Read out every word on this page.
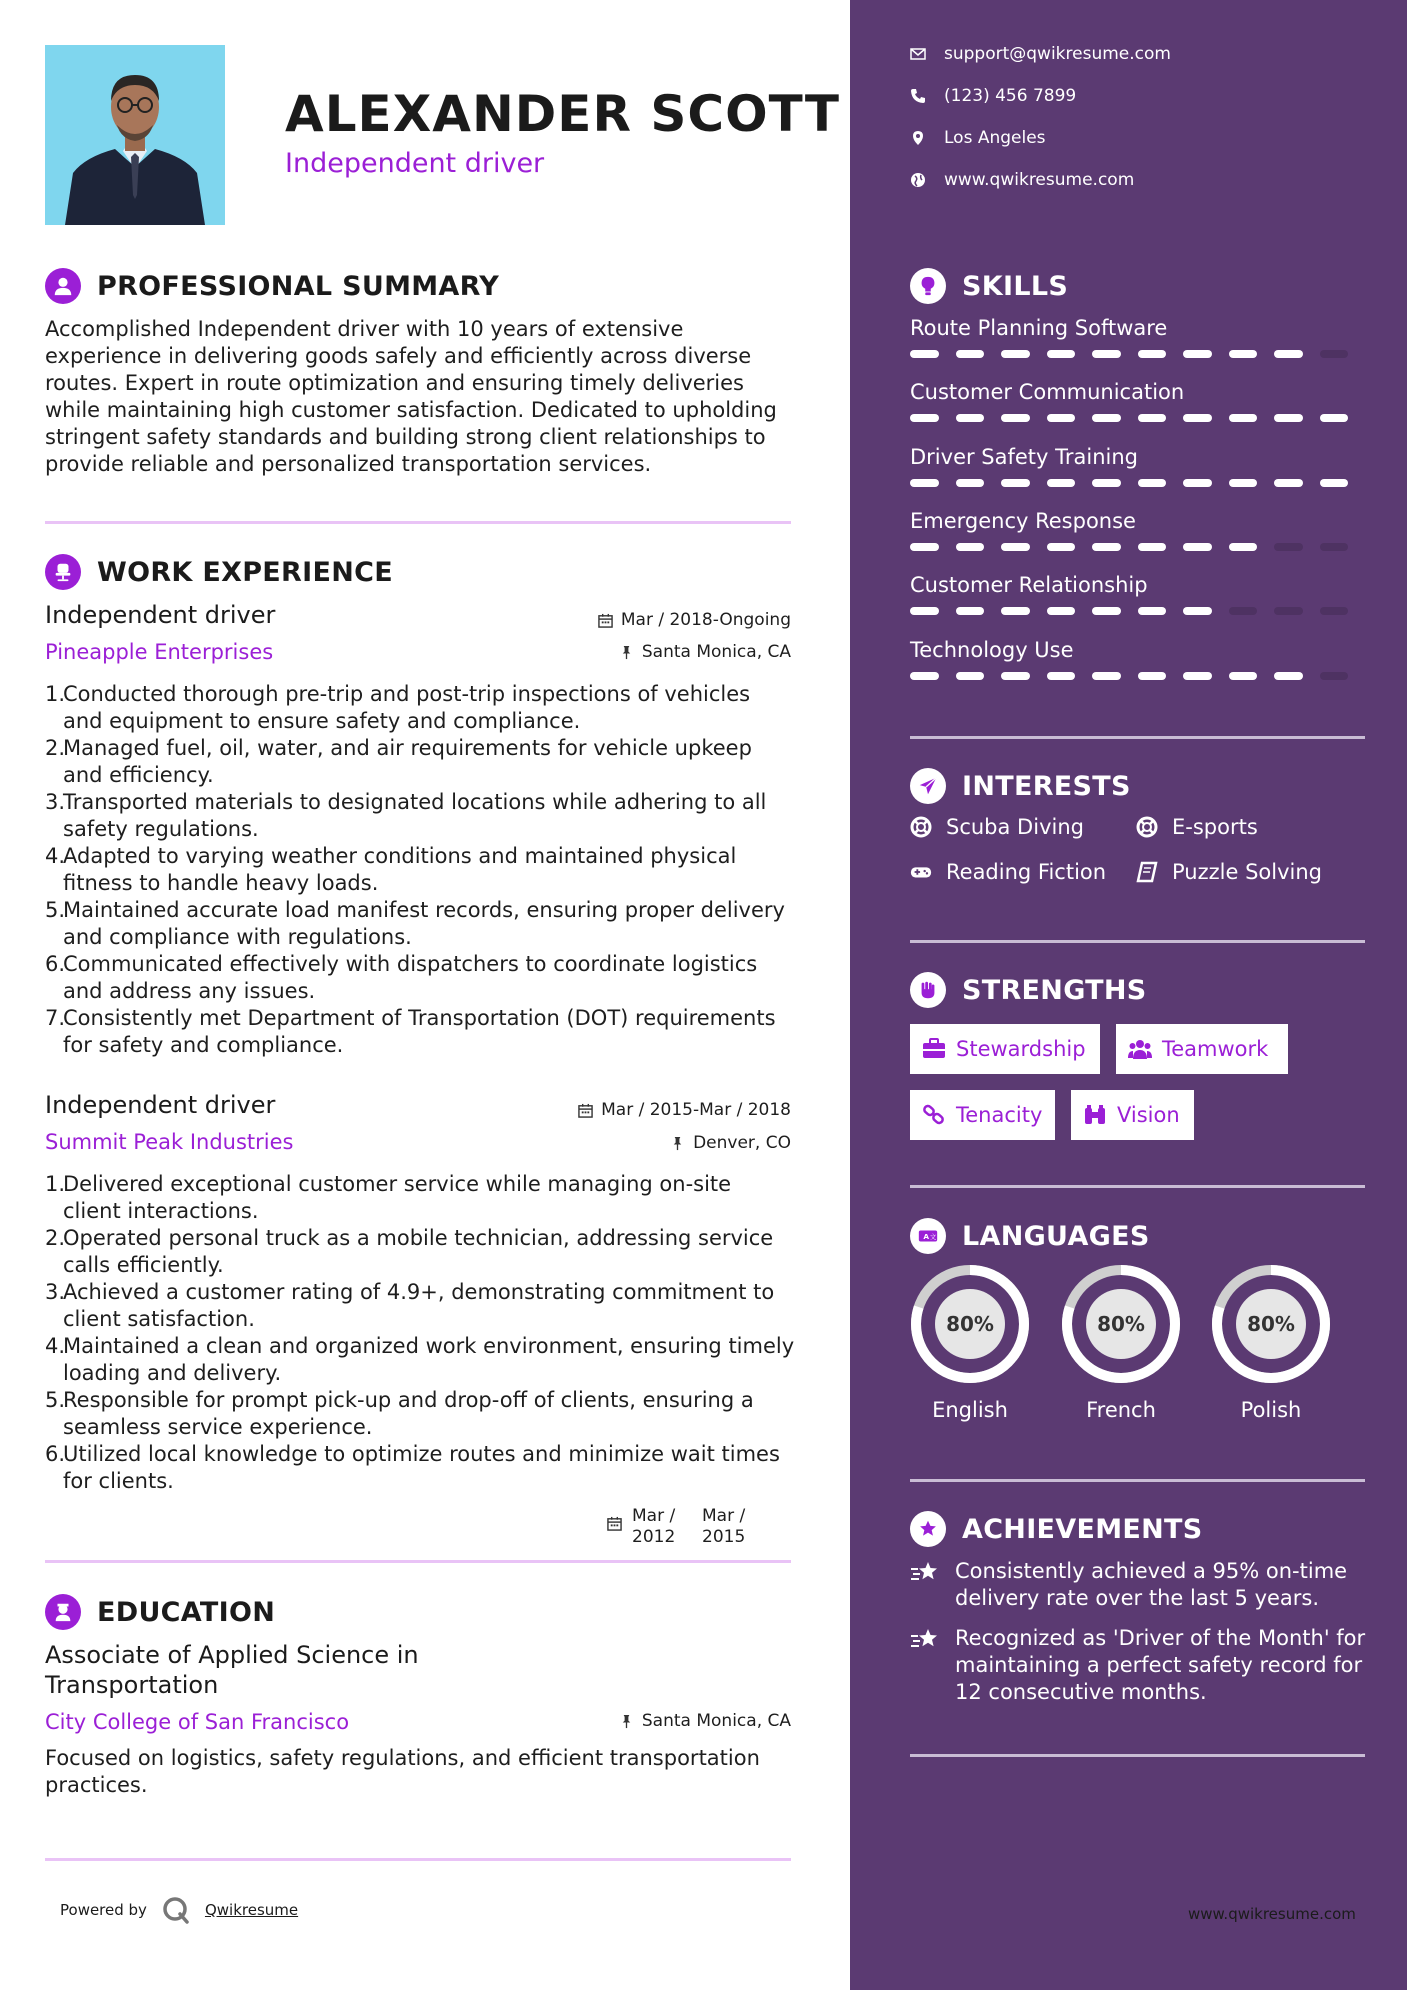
ALEXANDER SCOTT
Independent driver
PROFESSIONAL SUMMARY
Accomplished Independent driver with 10 years of extensive experience in delivering goods safely and efficiently across diverse routes. Expert in route optimization and ensuring timely deliveries while maintaining high customer satisfaction. Dedicated to upholding stringent safety standards and building strong client relationships to provide reliable and personalized transportation services.
WORK EXPERIENCE
Independent driver	Mar / 2018-Ongoing
Pineapple Enterprises	Santa Monica, CA
1.Conducted thorough pre-trip and post-trip inspections of vehicles and equipment to ensure safety and compliance.
2.Managed fuel, oil, water, and air requirements for vehicle upkeep and efficiency.
3.Transported materials to designated locations while adhering to all safety regulations.
4.Adapted to varying weather conditions and maintained physical fitness to handle heavy loads.
5.Maintained accurate load manifest records, ensuring proper delivery and compliance with regulations.
6.Communicated effectively with dispatchers to coordinate logistics and address any issues.
7.Consistently met Department of Transportation (DOT) requirements for safety and compliance.
Independent driver	Mar / 2015-Mar / 2018
Summit Peak Industries	Denver, CO
1.Delivered exceptional customer service while managing on-site client interactions.
2.Operated personal truck as a mobile technician, addressing service calls efficiently.
3.Achieved a customer rating of 4.9+, demonstrating commitment to client satisfaction.
4.Maintained a clean and organized work environment, ensuring timely loading and delivery.
5.Responsible for prompt pick-up and drop-off of clients, ensuring a seamless service experience.
6.Utilized local knowledge to optimize routes and minimize wait times for clients.
EDUCATION
Associate of Applied Science in
Transportation
Mar / 2012
Mar / 2015
City College of San Francisco	Santa Monica, CA
Focused on logistics, safety regulations, and efficient transportation practices.
Powered by	Qwikresume
support@qwikresume.com
(123) 456 7899
Los Angeles
www.qwikresume.com
SKILLS
Route Planning Software
Customer Communication
Driver Safety Training
Emergency Response
Customer Relationship
Technology Use
INTERESTS
Scuba Diving	E-sports
Reading Fiction	Puzzle Solving
STRENGTHS
Stewardship	Teamwork
Tenacity	Vision
A 文 LANGUAGES
80%
English
80%
French
80%
Polish
ACHIEVEMENTS
Consistently achieved a 95% on-time delivery rate over the last 5 years.
Recognized as 'Driver of the Month' for maintaining a perfect safety record for 12 consecutive months.
www.qwikresume.com
